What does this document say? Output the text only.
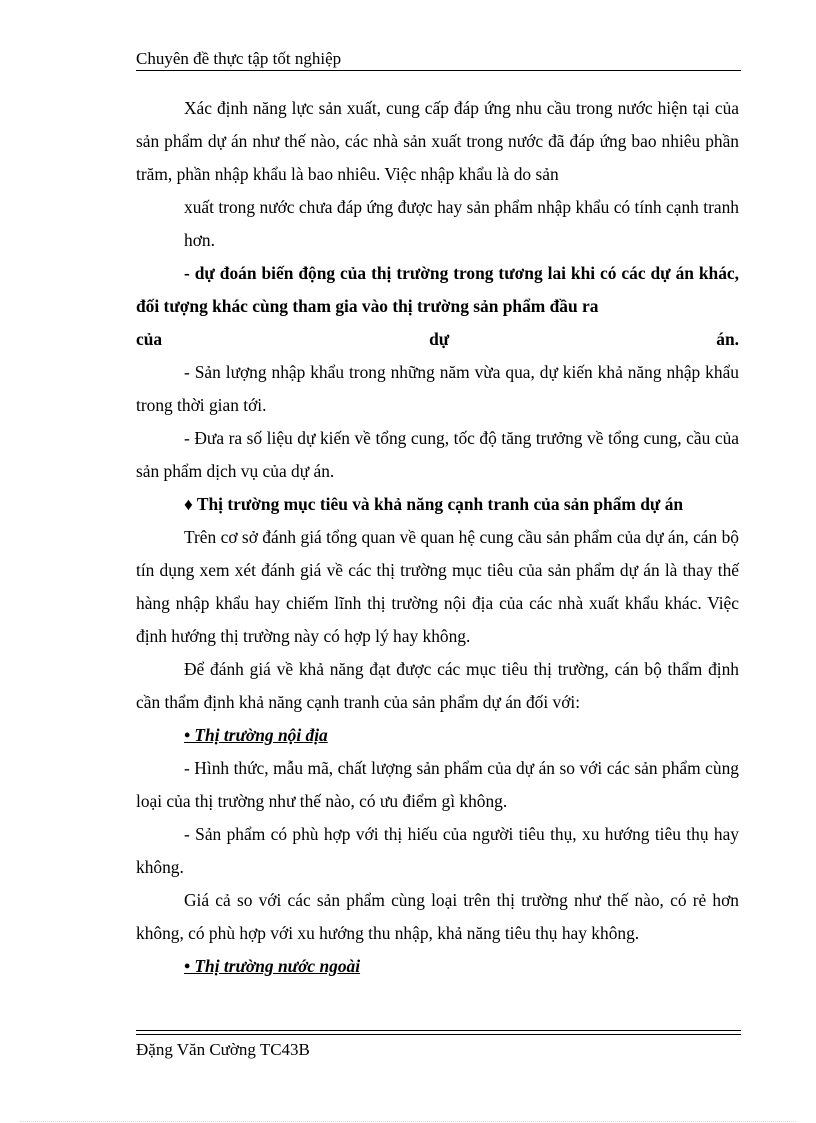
Chuyên đề thực tập tốt nghiệp

Xác định năng lực sản xuất, cung cấp đáp ứng nhu cầu trong nước hiện tại của sản phẩm dự án như thế nào, các nhà sản xuất trong nước đã đáp ứng bao nhiêu phần trăm, phần nhập khẩu là bao nhiêu. Việc nhập khẩu là do sản

xuất trong nước chưa đáp ứng được hay sản phẩm nhập khẩu có tính cạnh tranh hơn.

- dự đoán biến động của thị trường trong tương lai khi có các dự án khác, đối tượng khác cùng tham gia vào thị trường sản phẩm đầu ra

của	dự	án.

- Sản lượng nhập khẩu trong những năm vừa qua, dự kiến khả năng nhập khẩu trong thời gian tới.

- Đưa ra số liệu dự kiến về tổng cung, tốc độ tăng trưởng về tổng cung, cầu của sản phẩm dịch vụ của dự án.

♦ Thị trường mục tiêu và khả năng cạnh tranh của sản phẩm dự án

Trên cơ sở đánh giá tổng quan về quan hệ cung cầu sản phẩm của dự án, cán bộ tín dụng xem xét đánh giá về các thị trường mục tiêu của sản phẩm dự án là thay thế hàng nhập khẩu hay chiếm lĩnh thị trường nội địa của các nhà xuất khẩu khác. Việc định hướng thị trường này có hợp lý hay không.

Để đánh giá về khả năng đạt được các mục tiêu thị trường, cán bộ thẩm định cần thẩm định khả năng cạnh tranh của sản phẩm dự án đối với:

• Thị trường nội địa

- Hình thức, mẫu mã, chất lượng sản phẩm của dự án so với các sản phẩm cùng loại của thị trường như thế nào, có ưu điểm gì không.

- Sản phẩm có phù hợp với thị hiếu của người tiêu thụ, xu hướng tiêu thụ hay không.

Giá cả so với các sản phẩm cùng loại trên thị trường như thế nào, có rẻ hơn không, có phù hợp với xu hướng thu nhập, khả năng tiêu thụ hay không.

• Thị trường nước ngoài

Đặng Văn Cường TC43B
